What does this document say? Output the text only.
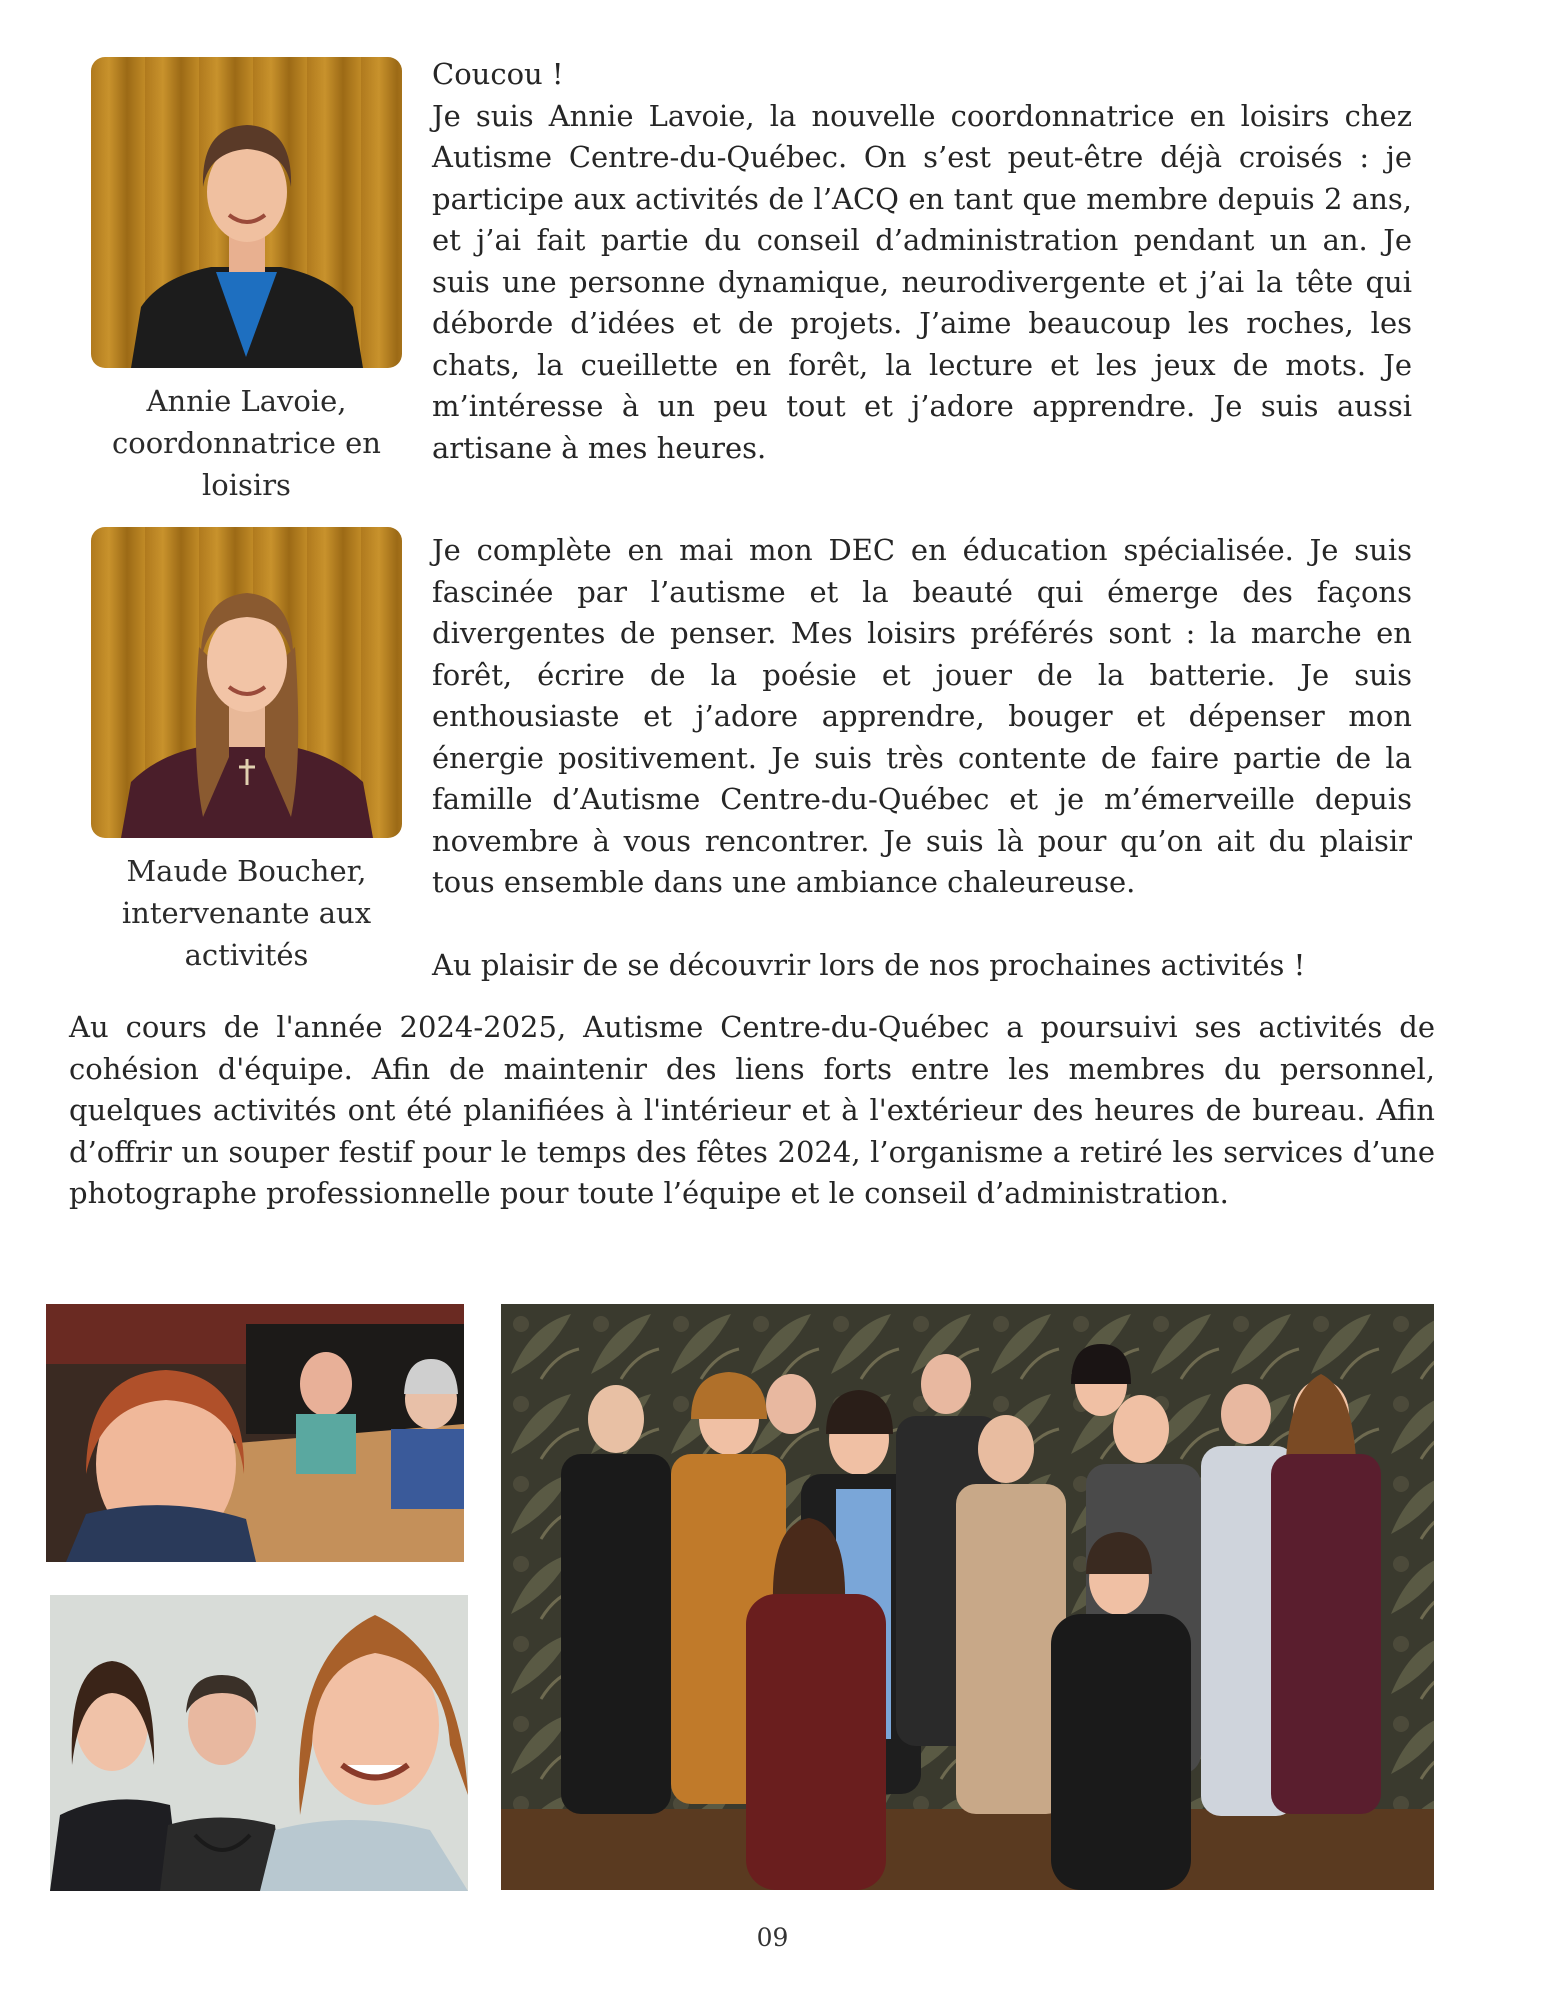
Annie Lavoie,
coordonnatrice en
loisirs

Coucou !

Je suis Annie Lavoie, la nouvelle coordonnatrice en loisirs chez Autisme Centre-du-Québec. On s’est peut-être déjà croisés : je participe aux activités de l’ACQ en tant que membre depuis 2 ans, et j’ai fait partie du conseil d’administration pendant un an. Je suis une personne dynamique, neurodivergente et j’ai la tête qui déborde d’idées et de projets. J’aime beaucoup les roches, les chats, la cueillette en forêt, la lecture et les jeux de mots. Je m’intéresse à un peu tout et j’adore apprendre. Je suis aussi artisane à mes heures.

Maude Boucher,
intervenante aux
activités

Je complète en mai mon DEC en éducation spécialisée. Je suis fascinée par l’autisme et la beauté qui émerge des façons divergentes de penser. Mes loisirs préférés sont : la marche en forêt, écrire de la poésie et jouer de la batterie. Je suis enthousiaste et j’adore apprendre, bouger et dépenser mon énergie positivement. Je suis très contente de faire partie de la famille d’Autisme Centre-du-Québec et je m’émerveille depuis novembre à vous rencontrer. Je suis là pour qu’on ait du plaisir tous ensemble dans une ambiance chaleureuse.

Au plaisir de se découvrir lors de nos prochaines activités !

Au cours de l'année 2024-2025, Autisme Centre-du-Québec a poursuivi ses activités de cohésion d'équipe. Afin de maintenir des liens forts entre les membres du personnel, quelques activités ont été planifiées à l'intérieur et à l'extérieur des heures de bureau. Afin d’offrir un souper festif pour le temps des fêtes 2024, l’organisme a retiré les services d’une photographe professionnelle pour toute l’équipe et le conseil d’administration.

09
